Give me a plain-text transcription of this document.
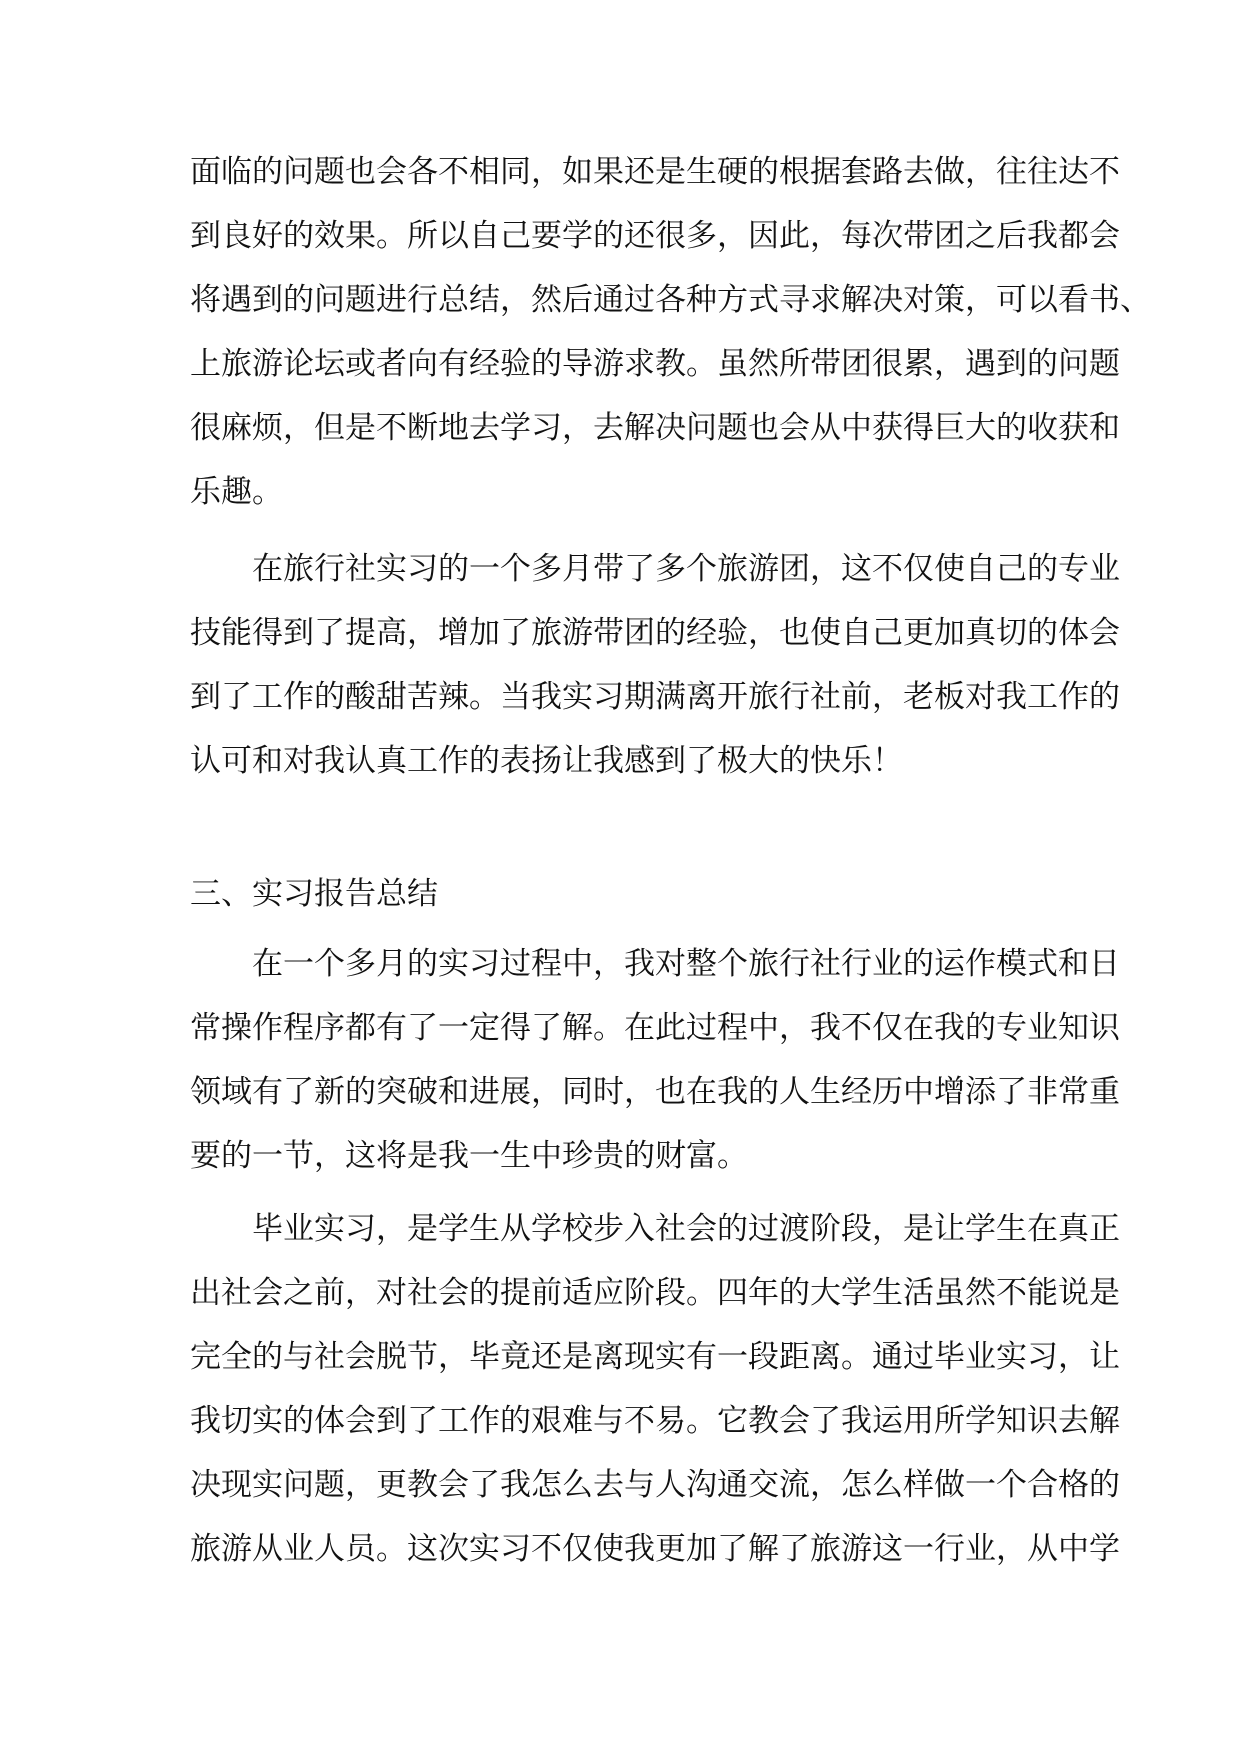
面临的问题也会各不相同，如果还是生硬的根据套路去做，往往达不
到良好的效果。所以自己要学的还很多，因此，每次带团之后我都会
将遇到的问题进行总结，然后通过各种方式寻求解决对策，可以看书、
上旅游论坛或者向有经验的导游求教。虽然所带团很累，遇到的问题
很麻烦，但是不断地去学习，去解决问题也会从中获得巨大的收获和
乐趣。
　　在旅行社实习的一个多月带了多个旅游团，这不仅使自己的专业
技能得到了提高，增加了旅游带团的经验，也使自己更加真切的体会
到了工作的酸甜苦辣。当我实习期满离开旅行社前，老板对我工作的
认可和对我认真工作的表扬让我感到了极大的快乐！
三、实习报告总结
　　在一个多月的实习过程中，我对整个旅行社行业的运作模式和日
常操作程序都有了一定得了解。在此过程中，我不仅在我的专业知识
领域有了新的突破和进展，同时，也在我的人生经历中增添了非常重
要的一节，这将是我一生中珍贵的财富。
　　毕业实习，是学生从学校步入社会的过渡阶段，是让学生在真正
出社会之前，对社会的提前适应阶段。四年的大学生活虽然不能说是
完全的与社会脱节，毕竟还是离现实有一段距离。通过毕业实习，让
我切实的体会到了工作的艰难与不易。它教会了我运用所学知识去解
决现实问题，更教会了我怎么去与人沟通交流，怎么样做一个合格的
旅游从业人员。这次实习不仅使我更加了解了旅游这一行业，从中学
